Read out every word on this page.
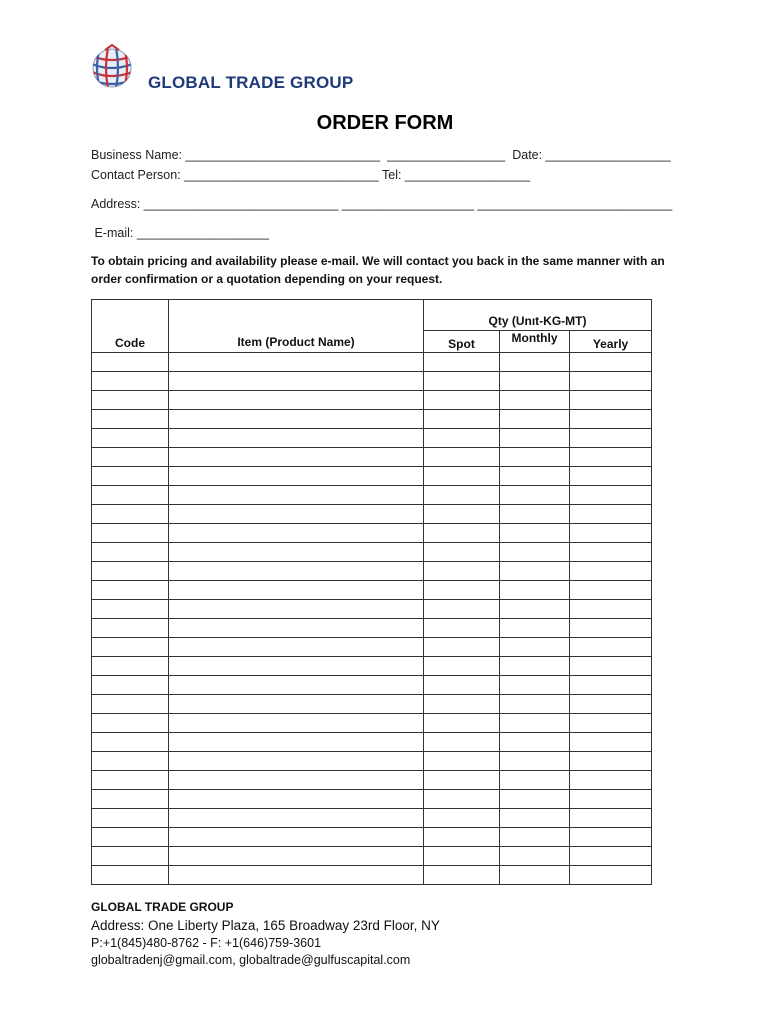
GLOBAL TRADE GROUP
ORDER FORM
Business Name: ____________________________  _________________  Date: __________________
Contact Person: ____________________________ Tel: __________________
Address: ____________________________ ___________________ ____________________________
E-mail: ___________________
To obtain pricing and availability please e-mail. We will contact you back in the same manner with an order confirmation or a quotation depending on your request.
Code	Item (Product Name)	Qty (Unıt-KG-MT)		
		Spot	Monthly	Yearly

GLOBAL TRADE GROUP
Address: One Liberty Plaza, 165 Broadway 23rd Floor, NY
P:+1(845)480-8762 - F: +1(646)759-3601
globaltradenj@gmail.com, globaltrade@gulfuscapital.com
